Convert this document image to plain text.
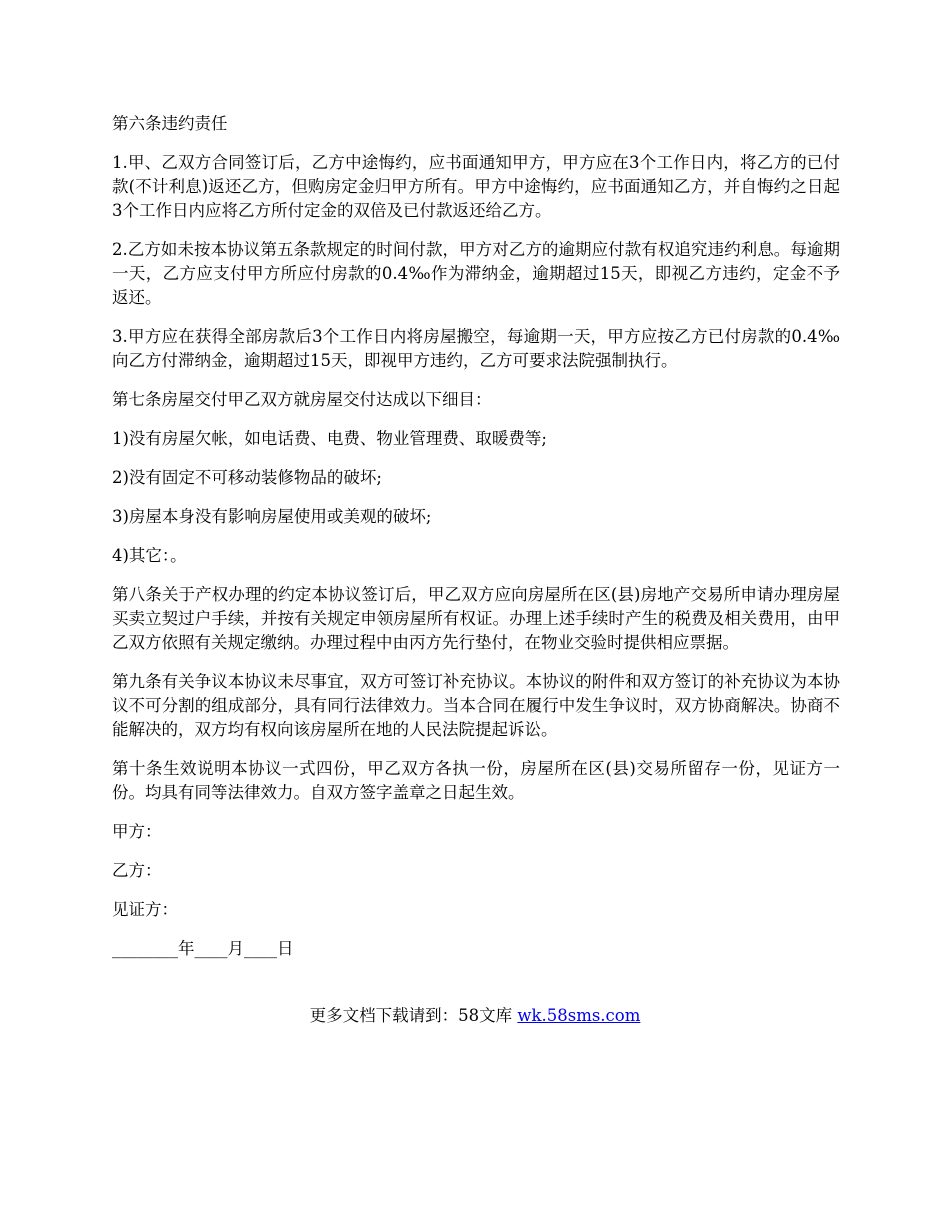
第六条违约责任

1.甲、乙双方合同签订后，乙方中途悔约，应书面通知甲方，甲方应在3个工作日内，将乙方的已付款(不计利息)返还乙方，但购房定金归甲方所有。甲方中途悔约，应书面通知乙方，并自悔约之日起3个工作日内应将乙方所付定金的双倍及已付款返还给乙方。

2.乙方如未按本协议第五条款规定的时间付款，甲方对乙方的逾期应付款有权追究违约利息。每逾期一天，乙方应支付甲方所应付房款的0.4‰作为滞纳金，逾期超过15天，即视乙方违约，定金不予返还。

3.甲方应在获得全部房款后3个工作日内将房屋搬空，每逾期一天，甲方应按乙方已付房款的0.4‰向乙方付滞纳金，逾期超过15天，即视甲方违约，乙方可要求法院强制执行。

第七条房屋交付甲乙双方就房屋交付达成以下细目：

1)没有房屋欠帐，如电话费、电费、物业管理费、取暖费等;

2)没有固定不可移动装修物品的破坏;

3)房屋本身没有影响房屋使用或美观的破坏;

4)其它：。

第八条关于产权办理的约定本协议签订后，甲乙双方应向房屋所在区(县)房地产交易所申请办理房屋买卖立契过户手续，并按有关规定申领房屋所有权证。办理上述手续时产生的税费及相关费用，由甲乙双方依照有关规定缴纳。办理过程中由丙方先行垫付，在物业交验时提供相应票据。

第九条有关争议本协议未尽事宜，双方可签订补充协议。本协议的附件和双方签订的补充协议为本协议不可分割的组成部分，具有同行法律效力。当本合同在履行中发生争议时，双方协商解决。协商不能解决的，双方均有权向该房屋所在地的人民法院提起诉讼。

第十条生效说明本协议一式四份，甲乙双方各执一份，房屋所在区(县)交易所留存一份，见证方一份。均具有同等法律效力。自双方签字盖章之日起生效。

甲方：

乙方：

见证方：

________年____月____日

更多文档下载请到：58文库 wk.58sms.com
